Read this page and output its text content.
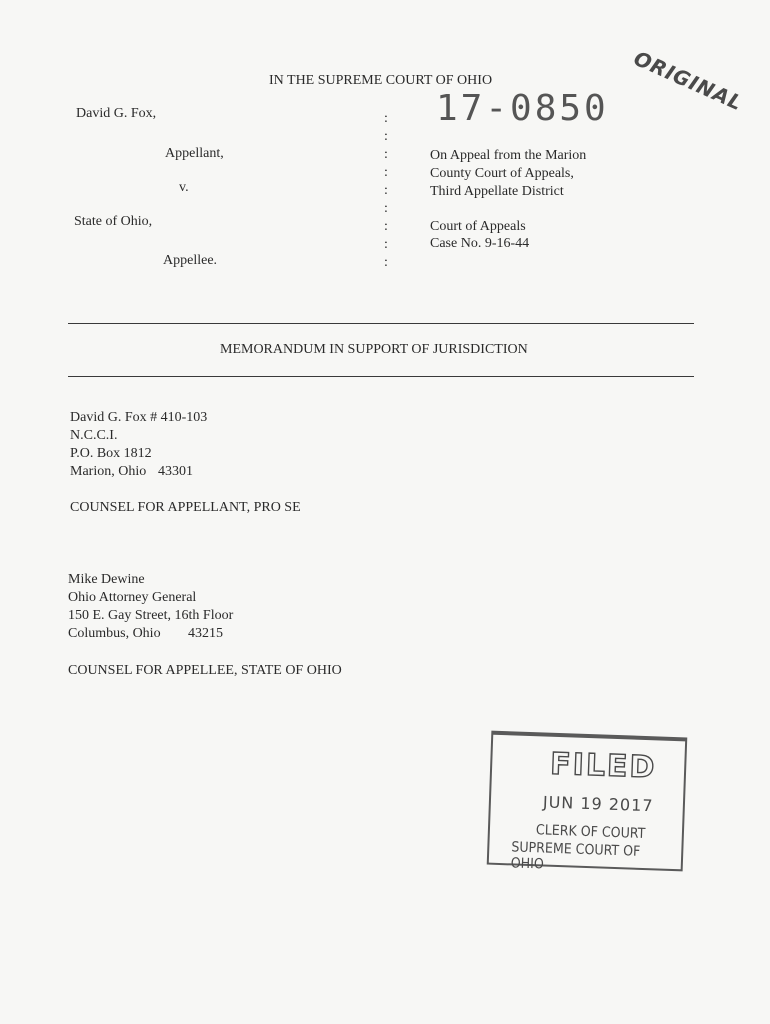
ORIGINAL
IN THE SUPREME COURT OF OHIO
17-0850
David G. Fox,
Appellant,
v.
State of Ohio,
Appellee.
:
:
:
:
:
:
:
:
:
On Appeal from the Marion
County Court of Appeals,
Third Appellate District
Court of Appeals
Case No. 9-16-44
MEMORANDUM IN SUPPORT OF JURISDICTION
David G. Fox # 410-103
N.C.C.I.
P.O. Box 1812
Marion, Ohio 43301
COUNSEL FOR APPELLANT, PRO SE
Mike Dewine
Ohio Attorney General
150 E. Gay Street, 16th Floor
Columbus, Ohio 43215
COUNSEL FOR APPELLEE, STATE OF OHIO
FILED
JUN 19 2017
CLERK OF COURT
SUPREME COURT OF OHIO
